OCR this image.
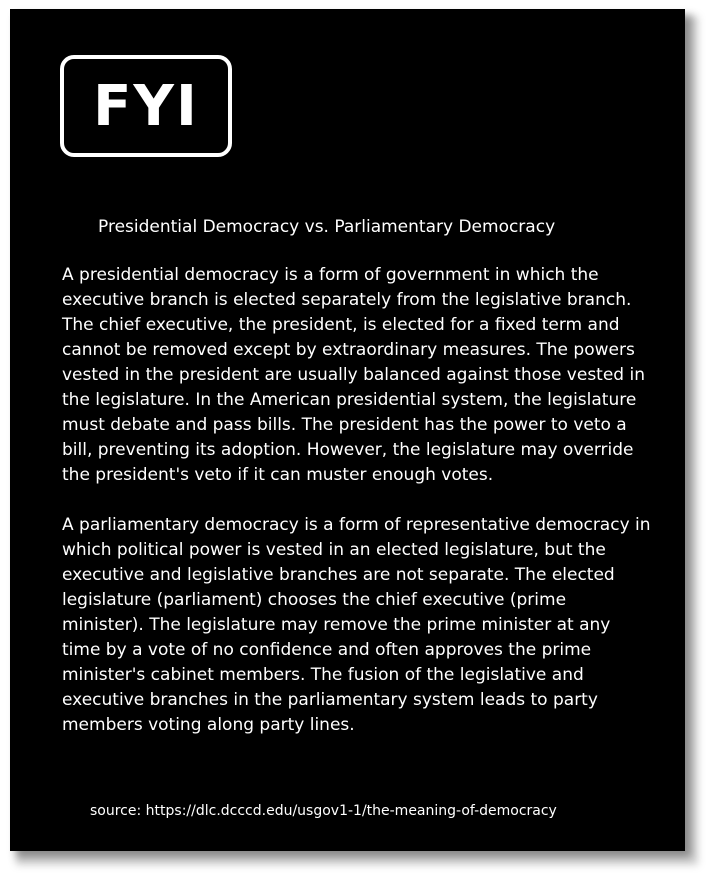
FYI
Presidential Democracy vs. Parliamentary Democracy

A presidential democracy is a form of government in which the executive branch is elected separately from the legislative branch. The chief executive, the president, is elected for a fixed term and cannot be removed except by extraordinary measures. The powers vested in the president are usually balanced against those vested in the legislature. In the American presidential system, the legislature must debate and pass bills. The president has the power to veto a bill, preventing its adoption. However, the legislature may override the president's veto if it can muster enough votes.

A parliamentary democracy is a form of representative democracy in which political power is vested in an elected legislature, but the executive and legislative branches are not separate. The elected legislature (parliament) chooses the chief executive (prime minister). The legislature may remove the prime minister at any time by a vote of no confidence and often approves the prime minister's cabinet members. The fusion of the legislative and executive branches in the parliamentary system leads to party members voting along party lines.

source: https://dlc.dcccd.edu/usgov1-1/the-meaning-of-democracy
